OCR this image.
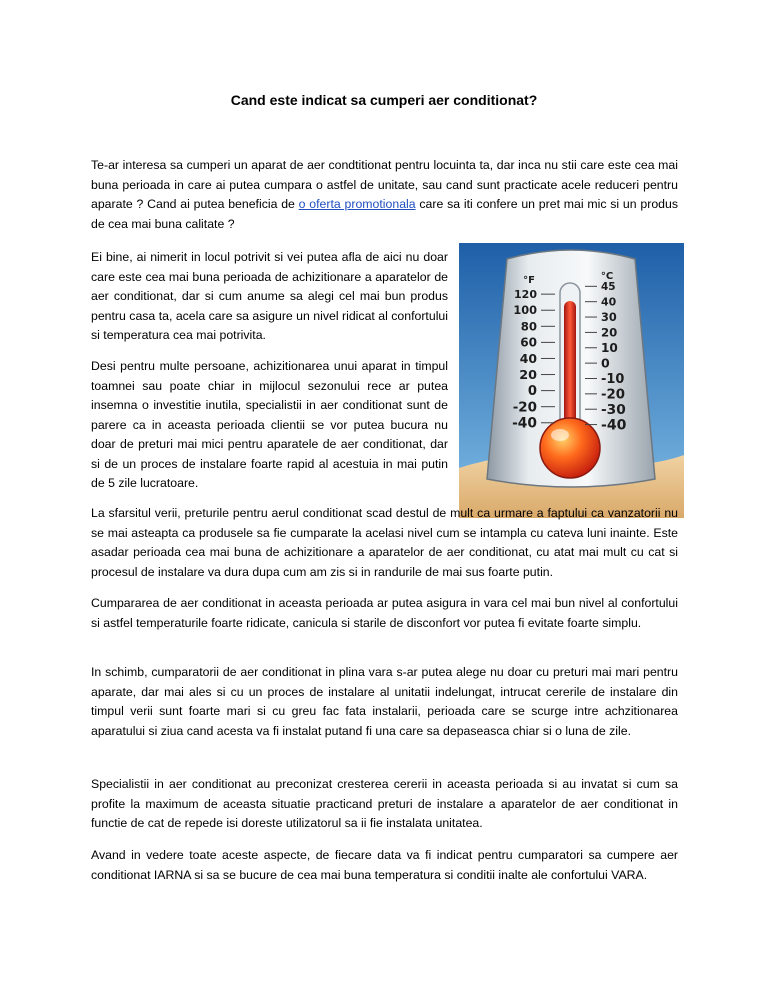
Cand este indicat sa cumperi aer conditionat?

Te-ar interesa sa cumperi un aparat de aer condtitionat pentru locuinta ta, dar inca nu stii care este cea mai buna perioada in care ai putea cumpara o astfel de unitate, sau cand sunt practicate acele reduceri pentru aparate ? Cand ai putea beneficia de o oferta promotionala care sa iti confere un pret mai mic si un produs de cea mai buna calitate ?

Ei bine, ai nimerit in locul potrivit si vei putea afla de aici nu doar care este cea mai buna perioada de achizitionare a aparatelor de aer conditionat, dar si cum anume sa alegi cel mai bun produs pentru casa ta, acela care sa asigure un nivel ridicat al confortului si temperatura cea mai potrivita.

Desi pentru multe persoane, achizitionarea unui aparat in timpul toamnei sau poate chiar in mijlocul sezonului rece ar putea insemna o investitie inutila, specialistii in aer conditionat sunt de parere ca in aceasta perioada clientii se vor putea bucura nu doar de preturi mai mici pentru aparatele de aer conditionat, dar si de un proces de instalare foarte rapid al acestuia in mai putin de 5 zile lucratoare.

°F	°C
120
100
80
60
40
20
0
-20
-40
45
40
30
20
10
0
-10
-20
-30
-40

La sfarsitul verii, preturile pentru aerul conditionat scad destul de mult ca urmare a faptului ca vanzatorii nu se mai asteapta ca produsele sa fie cumparate la acelasi nivel cum se intampla cu cateva luni inainte. Este asadar perioada cea mai buna de achizitionare a aparatelor de aer conditionat, cu atat mai mult cu cat si procesul de instalare va dura dupa cum am zis si in randurile de mai sus foarte putin.

Cumpararea de aer conditionat in aceasta perioada ar putea asigura in vara cel mai bun nivel al confortului si astfel temperaturile foarte ridicate, canicula si starile de disconfort vor putea fi evitate foarte simplu.

In schimb, cumparatorii de aer conditionat in plina vara s-ar putea alege nu doar cu preturi mai mari pentru aparate, dar mai ales si cu un proces de instalare al unitatii indelungat, intrucat cererile de instalare din timpul verii sunt foarte mari si cu greu fac fata instalarii, perioada care se scurge intre achzitionarea aparatului si ziua cand acesta va fi instalat putand fi una care sa depaseasca chiar si o luna de zile.

Specialistii in aer conditionat au preconizat cresterea cererii in aceasta perioada si au invatat si cum sa profite la maximum de aceasta situatie practicand preturi de instalare a aparatelor de aer conditionat in functie de cat de repede isi doreste utilizatorul sa ii fie instalata unitatea.

Avand in vedere toate aceste aspecte, de fiecare data va fi indicat pentru cumparatori sa cumpere aer conditionat IARNA si sa se bucure de cea mai buna temperatura si conditii inalte ale confortului VARA.
